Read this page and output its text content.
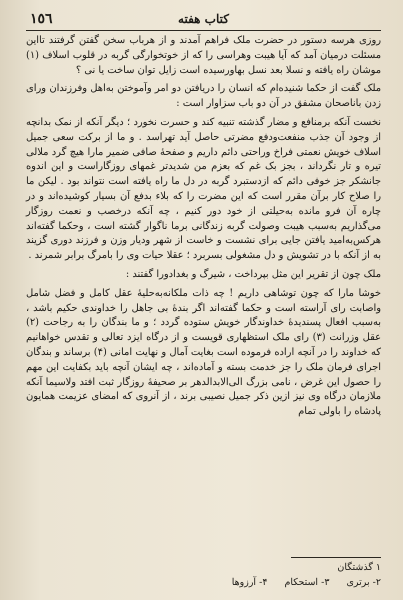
١٥٦	کتاب هفته

روزی هرسه دستور در حضرت ملک فراهم آمدند و از هرباب سخن گفتن گرفتند تااین مسئلت درمیان آمد که آیا هیبت وهراسی را که از خوتخوارگی گربه در قلوب اسلاف (۱) موشان راه یافته و نسلا بعد نسل بهاورسیده است زایل توان ساخت یا نی ؟

ملک گفت از حکما شنیده‌ام که انسان را دریافتن دو امر وآموختن به‌اهل وفرزندان ورای زدن باناصحان مشفق در آن دو باب سزاوار است :

نخست آنکه برمنافع و مضار گذشته تنبیه کند و حسرت نخورد ؛ دیگر آنکه از نمک بدانچه از وجود آن جذب منفعت‌ودفع مضرتی حاصل آید تهراسد . و ما از برکت سعی جمیل اسلاف خویش نعمتی فراخ وراحتی دائم داریم و صفحهٔ صافی ضمیر مارا هیچ گرد ملالی تیره و تار نگرداند ، بجز بک غم که بعزم من شدیدتر غمهای روزگاراست و این اندوه جانشکر جز خوفی دائم که ازدستبرد گربه در دل ما راه یافته است نتواند بود . لیکن ما را صلاح کار برآن مقرر است که این مضرت را که بلاء بدفع آن بسیار کوشیده‌اند و در چاره آن فرو مانده به‌حیلتی از خود دور کنیم ، چه آنکه درخصب و نعمت روزگار می‌گذاریم به‌سبب هیبت وصولت گربه زندگانی برما ناگوار گشته است ، وحکما گفته‌اند هرکس‌به‌امید یافتن جایی برای نشست و خاست از شهر ودیار وزن و فرزند دوری گزیند به از آنکه با در تشویش و دل مشغولی بسربرد ؛ عقلا حیات وی را بامرگ برابر شمرند .

ملک چون از تقریر این مثل بپرداخت ، شیرگ و بغدادورا گفتند :

خوشا مارا که چون توشاهی داریم ! چه ذات ملکانه‌به‌حلیهٔ عقل کامل و فضل شامل واصابت رای آراسته است و حکما گفته‌اند اگر بندهٔ بی جاهل را خداوندی حکیم باشد ، به‌سبب افعال پسندیدهٔ خداوندگار خویش ستوده گردد ؛ و ما بندگان را به رجاحت (۲) عقل وزرانت (۳) رای ملک استظهاری قویست و از درگاه ایزد تعالی و تقدس خواهانیم که خداوند را در آنچه اراده فرموده است بغایت آمال و نهایت امانی (۴) برساند و بندگان اجرای فرمان ملک را جز خدمت بسته و آماده‌اند ، چه ایشان آنچه باید بکفایت این مهم را حصول این غرض ، نامی بزرگ الی‌الابدالدهر بر صحیفهٔ روزگار ثبت افتد ولاسیما آنکه ملازمان درگاه وی نیز ازین ذکر جمیل نصیبی برند ، از آنروی که امضای عزیمت همایون پادشاه را باولی تمام

۱ گذشتگان
۲- برتری ۳- استحکام ۴- آرزوها
